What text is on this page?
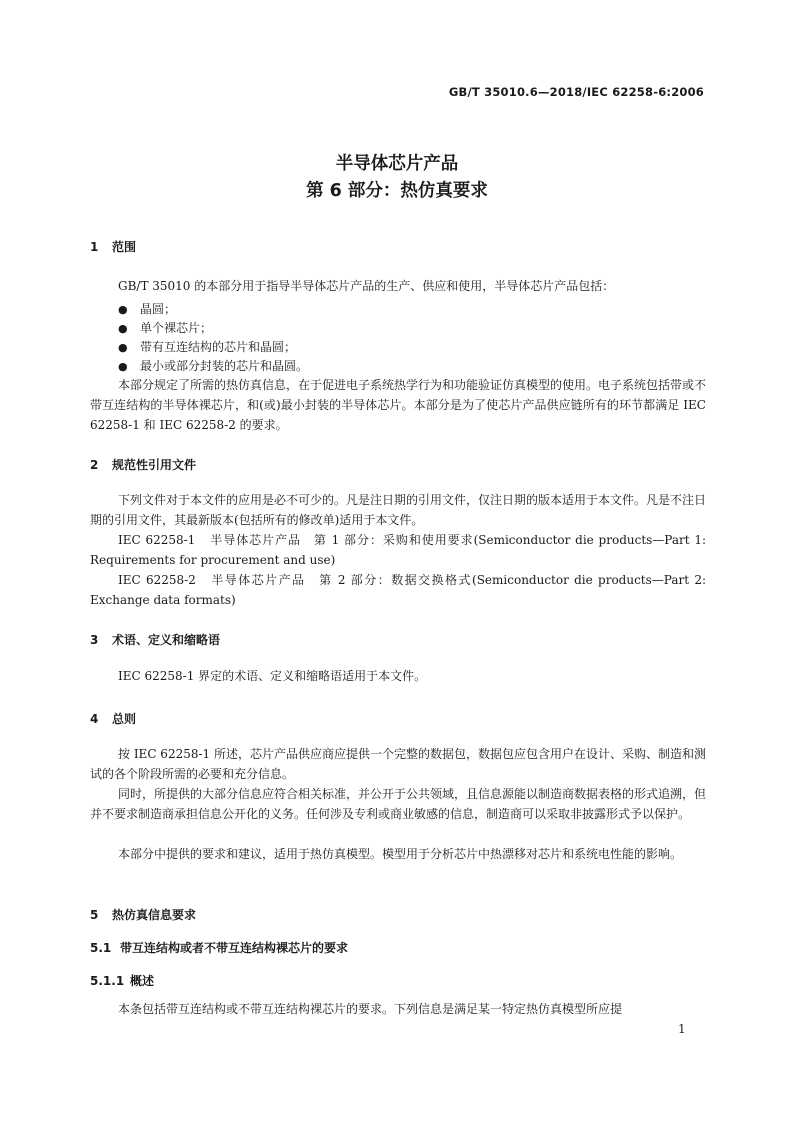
GB/T 35010.6—2018/IEC 62258-6:2006
半导体芯片产品
第 6 部分：热仿真要求
1 范围
GB/T 35010 的本部分用于指导半导体芯片产品的生产、供应和使用，半导体芯片产品包括：
● 晶圆；
● 单个裸芯片；
● 带有互连结构的芯片和晶圆；
● 最小或部分封装的芯片和晶圆。
本部分规定了所需的热仿真信息，在于促进电子系统热学行为和功能验证仿真模型的使用。电子系统包括带或不带互连结构的半导体裸芯片，和(或)最小封装的半导体芯片。本部分是为了使芯片产品供应链所有的环节都满足 IEC 62258-1 和 IEC 62258-2 的要求。
2 规范性引用文件
下列文件对于本文件的应用是必不可少的。凡是注日期的引用文件，仅注日期的版本适用于本文件。凡是不注日期的引用文件，其最新版本(包括所有的修改单)适用于本文件。
IEC 62258-1 半导体芯片产品　第 1 部分：采购和使用要求(Semiconductor die products—Part 1: Requirements for procurement and use)
IEC 62258-2 半导体芯片产品　第 2 部分：数据交换格式(Semiconductor die products—Part 2: Exchange data formats)
3 术语、定义和缩略语
IEC 62258-1 界定的术语、定义和缩略语适用于本文件。
4 总则
按 IEC 62258-1 所述，芯片产品供应商应提供一个完整的数据包，数据包应包含用户在设计、采购、制造和测试的各个阶段所需的必要和充分信息。
同时，所提供的大部分信息应符合相关标准，并公开于公共领域，且信息源能以制造商数据表格的形式追溯，但并不要求制造商承担信息公开化的义务。任何涉及专利或商业敏感的信息，制造商可以采取非披露形式予以保护。
本部分中提供的要求和建议，适用于热仿真模型。模型用于分析芯片中热漂移对芯片和系统电性能的影响。
5 热仿真信息要求
5.1 带互连结构或者不带互连结构裸芯片的要求
5.1.1 概述
本条包括带互连结构或不带互连结构裸芯片的要求。下列信息是满足某一特定热仿真模型所应提
1
